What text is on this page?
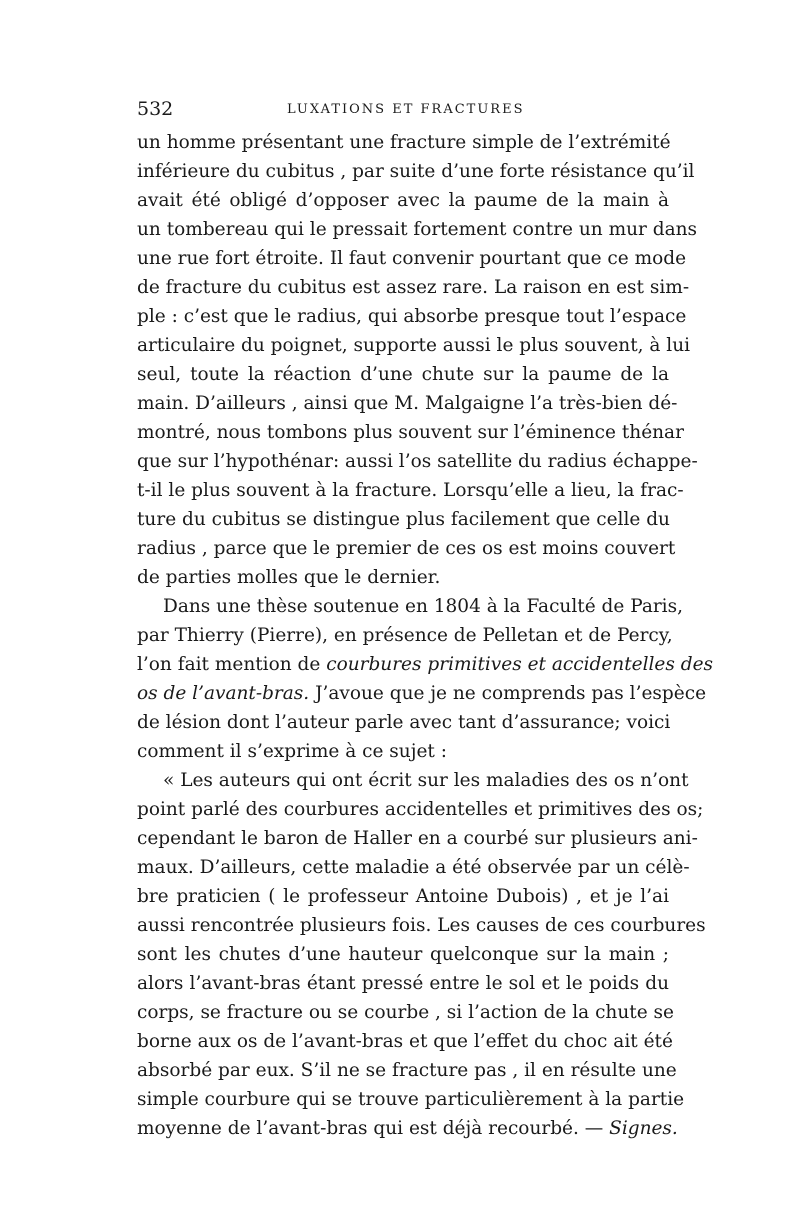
532	LUXATIONS ET FRACTURES
un homme présentant une fracture simple de l’extrémité
inférieure du cubitus , par suite d’une forte résistance qu’il
avait été obligé d’opposer avec la paume de la main à
un tombereau qui le pressait fortement contre un mur dans
une rue fort étroite. Il faut convenir pourtant que ce mode
de fracture du cubitus est assez rare. La raison en est sim-
ple : c’est que le radius, qui absorbe presque tout l’espace
articulaire du poignet, supporte aussi le plus souvent, à lui
seul, toute la réaction d’une chute sur la paume de la
main. D’ailleurs , ainsi que M. Malgaigne l’a très-bien dé-
montré, nous tombons plus souvent sur l’éminence thénar
que sur l’hypothénar: aussi l’os satellite du radius échappe-
t-il le plus souvent à la fracture. Lorsqu’elle a lieu, la frac-
ture du cubitus se distingue plus facilement que celle du
radius , parce que le premier de ces os est moins couvert
de parties molles que le dernier.
Dans une thèse soutenue en 1804 à la Faculté de Paris,
par Thierry (Pierre), en présence de Pelletan et de Percy,
l’on fait mention de courbures primitives et accidentelles des
os de l’avant-bras. J’avoue que je ne comprends pas l’espèce
de lésion dont l’auteur parle avec tant d’assurance; voici
comment il s’exprime à ce sujet :
« Les auteurs qui ont écrit sur les maladies des os n’ont
point parlé des courbures accidentelles et primitives des os;
cependant le baron de Haller en a courbé sur plusieurs ani-
maux. D’ailleurs, cette maladie a été observée par un célè-
bre praticien ( le professeur Antoine Dubois) , et je l’ai
aussi rencontrée plusieurs fois. Les causes de ces courbures
sont les chutes d’une hauteur quelconque sur la main ;
alors l’avant-bras étant pressé entre le sol et le poids du
corps, se fracture ou se courbe , si l’action de la chute se
borne aux os de l’avant-bras et que l’effet du choc ait été
absorbé par eux. S’il ne se fracture pas , il en résulte une
simple courbure qui se trouve particulièrement à la partie
moyenne de l’avant-bras qui est déjà recourbé. — Signes.
